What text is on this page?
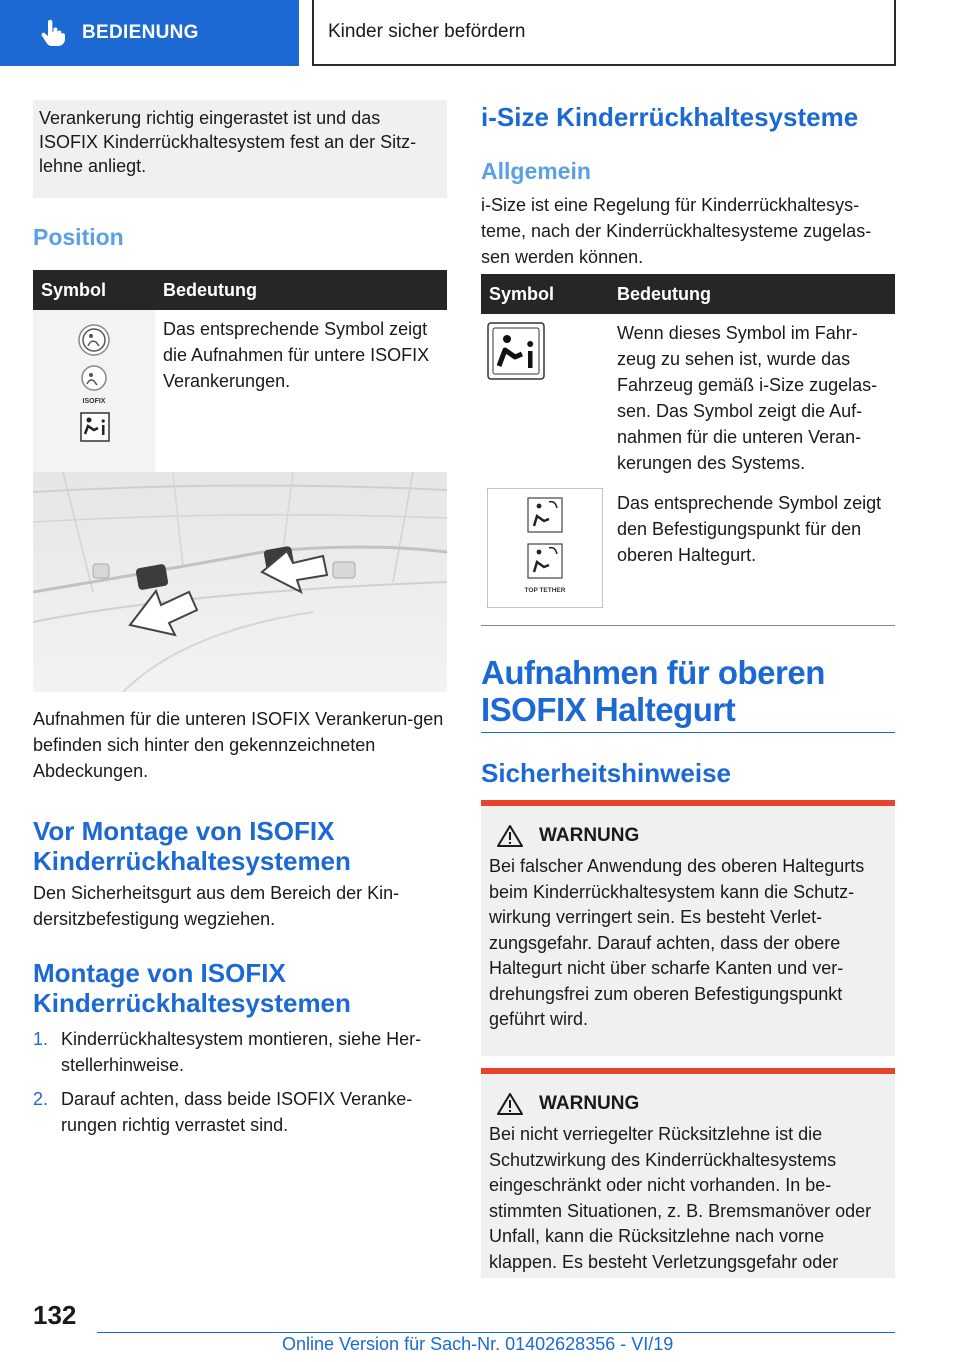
BEDIENUNG	Kinder sicher befördern
Verankerung richtig eingerastet ist und das ISOFIX Kinderrückhaltesystem fest an der Sitz-lehne anliegt.
Position
Symbol	Bedeutung

ISOFIX	Das entsprechende Symbol zeigt die Aufnahmen für untere ISOFIX Verankerungen.
Aufnahmen für die unteren ISOFIX Verankerun-gen befinden sich hinter den gekennzeichneten Abdeckungen.
Vor Montage von ISOFIX Kinderrückhaltesystemen
Den Sicherheitsgurt aus dem Bereich der Kin-dersitzbefestigung wegziehen.
Montage von ISOFIX Kinderrückhaltesystemen
1. Kinderrückhaltesystem montieren, siehe Her-stellerhinweise.
2. Darauf achten, dass beide ISOFIX Veranke-rungen richtig verrastet sind.
i-Size Kinderrückhaltesysteme
Allgemein
i-Size ist eine Regelung für Kinderrückhaltesys-teme, nach der Kinderrückhaltesysteme zugelas-sen werden können.
Symbol	Bedeutung
	Wenn dieses Symbol im Fahr-zeug zu sehen ist, wurde das Fahrzeug gemäß i-Size zugelas-sen. Das Symbol zeigt die Auf-nahmen für die unteren Veran-kerungen des Systems.

TOP TETHER	Das entsprechende Symbol zeigt den Befestigungspunkt für den oberen Haltegurt.
Aufnahmen für oberen
ISOFIX Haltegurt
Sicherheitshinweise
WARNUNG
Bei falscher Anwendung des oberen Haltegurts beim Kinderrückhaltesystem kann die Schutz-wirkung verringert sein. Es besteht Verlet-zungsgefahr. Darauf achten, dass der obere Haltegurt nicht über scharfe Kanten und ver-drehungsfrei zum oberen Befestigungspunkt geführt wird.
WARNUNG
Bei nicht verriegelter Rücksitzlehne ist die Schutzwirkung des Kinderrückhaltesystems eingeschränkt oder nicht vorhanden. In be-stimmten Situationen, z. B. Bremsmanöver oder Unfall, kann die Rücksitzlehne nach vorne klappen. Es besteht Verletzungsgefahr oder
132
Online Version für Sach-Nr. 01402628356 - VI/19
